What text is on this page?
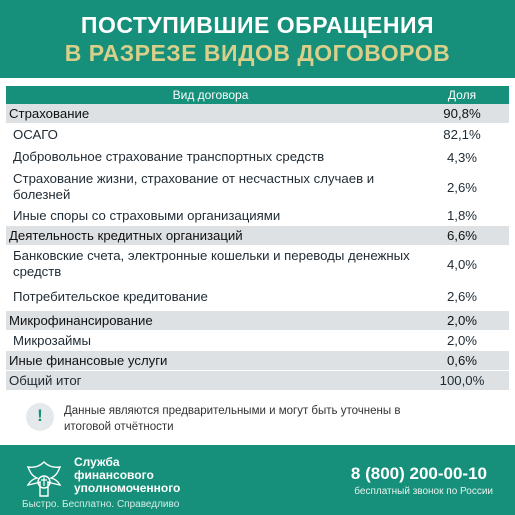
ПОСТУПИВШИЕ ОБРАЩЕНИЯ
В РАЗРЕЗЕ ВИДОВ ДОГОВОРОВ
Вид договора	Доля
Страхование	90,8%
ОСАГО	82,1%
Добровольное страхование транспортных средств	4,3%
Страхование жизни, страхование от несчастных случаев и болезней	2,6%
Иные споры со страховыми организациями	1,8%
Деятельность кредитных организаций	6,6%
Банковские счета, электронные кошельки и переводы денежных средств	4,0%
Потребительское кредитование	2,6%
Микрофинансирование	2,0%
Микрозаймы	2,0%
Иные финансовые услуги	0,6%
Общий итог	100,0%
!	Данные являются предварительными и могут быть уточнены в итоговой отчётности
Служба
финансового
уполномоченного
Быстро. Бесплатно. Справедливо
8 (800) 200-00-10
бесплатный звонок по России
